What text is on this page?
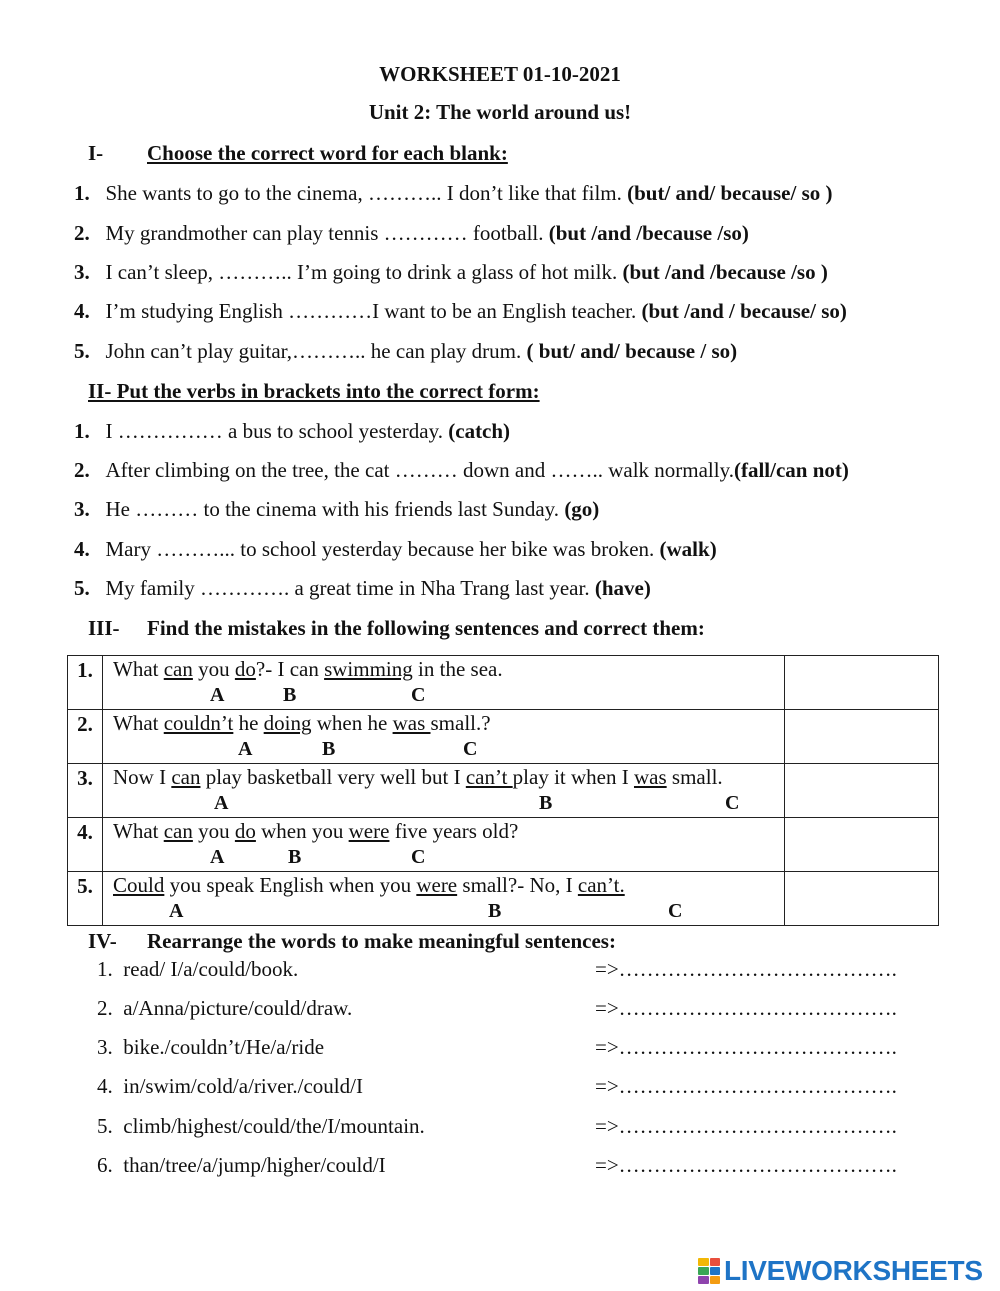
WORKSHEET 01-10-2021
Unit 2: The world around us!
I- Choose the correct word for each blank:
1. She wants to go to the cinema, ……….. I don’t like that film. (but/ and/ because/ so )
2. My grandmother can play tennis ………… football. (but /and /because /so)
3. I can’t sleep, ……….. I’m going to drink a glass of hot milk. (but /and /because /so )
4. I’m studying English …………I want to be an English teacher. (but /and / because/ so)
5. John can’t play guitar,……….. he can play drum. ( but/ and/ because / so)
II- Put the verbs in brackets into the correct form:
1. I …………… a bus to school yesterday. (catch)
2. After climbing on the tree, the cat ……… down and …….. walk normally.(fall/can not)
3. He ……… to the cinema with his friends last Sunday. (go)
4. Mary ………... to school yesterday because her bike was broken. (walk)
5. My family …………. a great time in Nha Trang last year. (have)
III- Find the mistakes in the following sentences and correct them:
1.	What can you do?- I can swimming in the sea.
A B C	

2.	What couldn’t he doing when he was small.?
A B C	

3.	Now I can play basketball very well but I can’t play it when I was small.
A B C	

4.	What can you do when you were five years old?
A B C	

5.	Could you speak English when you were small?- No, I can’t.
A B C	

IV- Rearrange the words to make meaningful sentences:
1. read/ I/a/could/book.	=>………………………………….
2. a/Anna/picture/could/draw.	=>………………………………….
3. bike./couldn’t/He/a/ride	=>………………………………….
4. in/swim/cold/a/river./could/I	=>………………………………….
5. climb/highest/could/the/I/mountain.	=>………………………………….
6. than/tree/a/jump/higher/could/I	=>………………………………….
LIVEWORKSHEETS
